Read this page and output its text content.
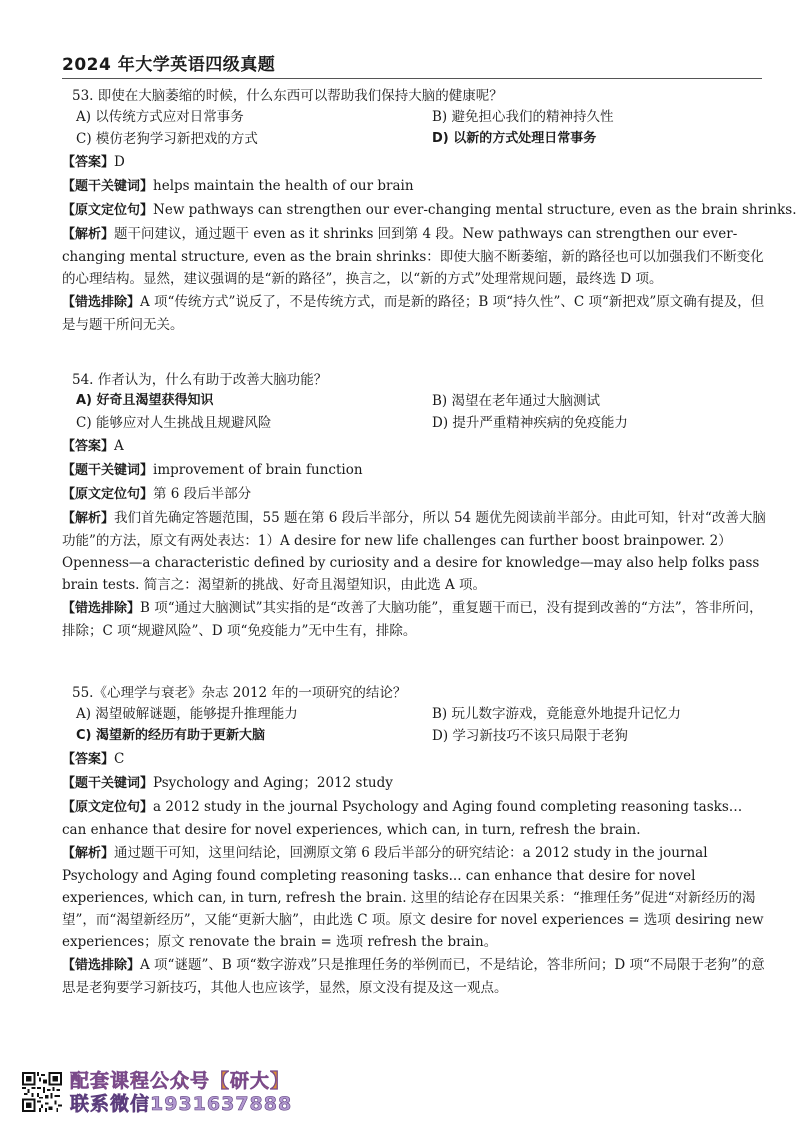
2024 年大学英语四级真题
53. 即使在大脑萎缩的时候，什么东西可以帮助我们保持大脑的健康呢？
A) 以传统方式应对日常事务	B) 避免担心我们的精神持久性
C) 模仿老狗学习新把戏的方式	D) 以新的方式处理日常事务
【答案】D
【题干关键词】helps maintain the health of our brain
【原文定位句】New pathways can strengthen our ever-changing mental structure, even as the brain shrinks.
【解析】题干问建议，通过题干 even as it shrinks 回到第 4 段。New pathways can strengthen our ever-changing mental structure, even as the brain shrinks：即使大脑不断萎缩，新的路径也可以加强我们不断变化的心理结构。显然，建议强调的是“新的路径”，换言之，以“新的方式”处理常规问题，最终选 D 项。
【错选排除】A 项“传统方式”说反了，不是传统方式，而是新的路径；B 项“持久性”、C 项“新把戏”原文确有提及，但是与题干所问无关。
54. 作者认为，什么有助于改善大脑功能？
A) 好奇且渴望获得知识	B) 渴望在老年通过大脑测试
C) 能够应对人生挑战且规避风险	D) 提升严重精神疾病的免疫能力
【答案】A
【题干关键词】improvement of brain function
【原文定位句】第 6 段后半部分
【解析】我们首先确定答题范围，55 题在第 6 段后半部分，所以 54 题优先阅读前半部分。由此可知，针对“改善大脑功能”的方法，原文有两处表达：1）A desire for new life challenges can further boost brainpower. 2）Openness—a characteristic defined by curiosity and a desire for knowledge—may also help folks pass brain tests. 简言之：渴望新的挑战、好奇且渴望知识，由此选 A 项。
【错选排除】B 项“通过大脑测试”其实指的是“改善了大脑功能”，重复题干而已，没有提到改善的“方法”，答非所问，排除；C 项“规避风险”、D 项“免疫能力”无中生有，排除。
55.《心理学与衰老》杂志 2012 年的一项研究的结论？
A) 渴望破解谜题，能够提升推理能力	B) 玩儿数字游戏，竟能意外地提升记忆力
C) 渴望新的经历有助于更新大脑	D) 学习新技巧不该只局限于老狗
【答案】C
【题干关键词】Psychology and Aging；2012 study
【原文定位句】a 2012 study in the journal Psychology and Aging found completing reasoning tasks…can enhance that desire for novel experiences, which can, in turn, refresh the brain.
【解析】通过题干可知，这里问结论，回溯原文第 6 段后半部分的研究结论：a 2012 study in the journal Psychology and Aging found completing reasoning tasks... can enhance that desire for novel experiences, which can, in turn, refresh the brain. 这里的结论存在因果关系：“推理任务”促进“对新经历的渴望”，而“渴望新经历”，又能“更新大脑”，由此选 C 项。原文 desire for novel experiences = 选项 desiring new experiences；原文 renovate the brain = 选项 refresh the brain。
【错选排除】A 项“谜题”、B 项“数字游戏”只是推理任务的举例而已，不是结论，答非所问；D 项“不局限于老狗”的意思是老狗要学习新技巧，其他人也应该学，显然，原文没有提及这一观点。
配套课程公众号【研大】
联系微信1931637888
